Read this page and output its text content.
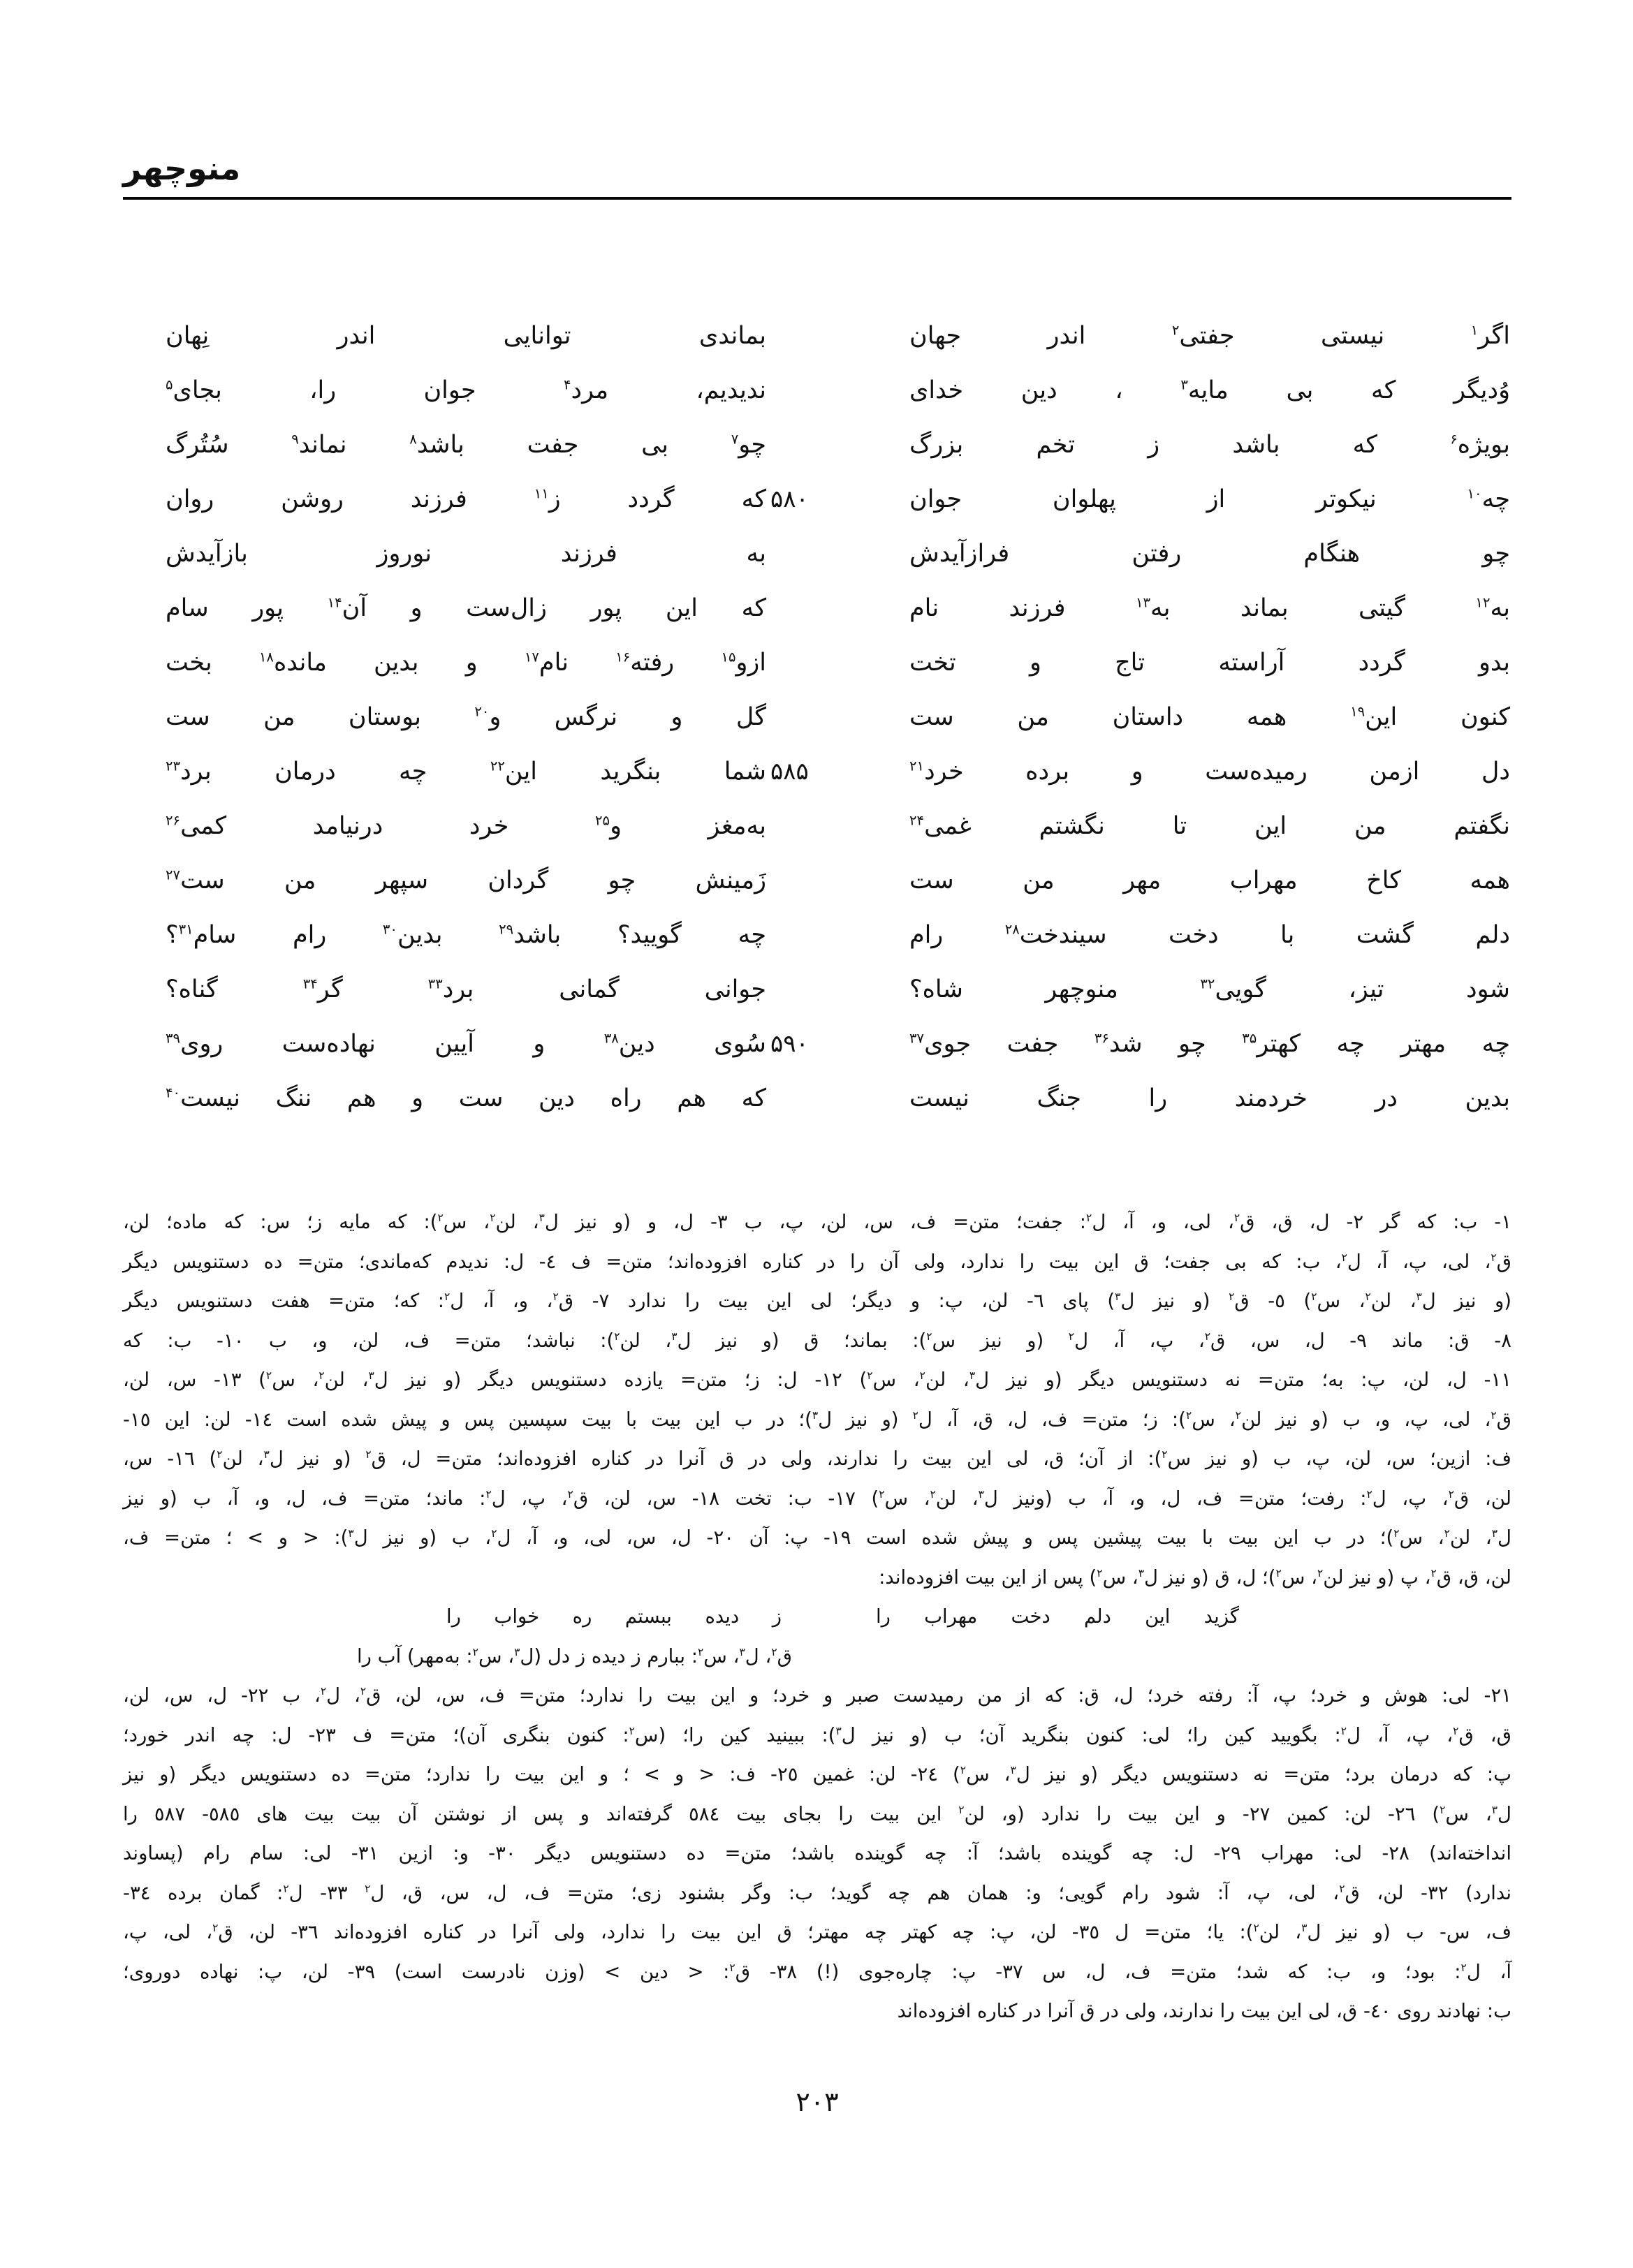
منوچهر
اگر$^۱$ نیستی جفتی$^۲$ اندر جهان
بماندی توانایی اندر نِهان
وُدیگر که بی مایه$^۳$ ، دین خدای
ندیدیم، مرد$^۴$ جوان را، بجای$^۵$
بویژه$^۶$ که باشد ز تخم بزرگ
چو$^۷$ بی جفت باشد$^۸$ نماند$^۹$ سُتُرگ
چه$^{۱۰}$ نیکوتر از پهلوان جوان
۵۸۰
که گردد ز$^{۱۱}$ فرزند روشن روان
چو هنگام رفتن فرازآیدش
به فرزند نوروز بازآیدش
به$^{۱۲}$ گیتی بماند به$^{۱۳}$ فرزند نام
که این پور زال‌ست و آن$^{۱۴}$ پور سام
بدو گردد آراسته تاج و تخت
ازو$^{۱۵}$ رفته$^{۱۶}$ نام$^{۱۷}$ و بدین مانده$^{۱۸}$ بخت
کنون این$^{۱۹}$ همه داستان من ست
گل و نرگس و$^{۲۰}$ بوستان من ست
دل ازمن رمیده‌ست و برده خرد$^{۲۱}$
۵۸۵
شما بنگرید این$^{۲۲}$ چه درمان برد$^{۲۳}$
نگفتم من این تا نگشتم غمی$^{۲۴}$
به‌مغز و$^{۲۵}$ خرد درنیامد کمی$^{۲۶}$
همه کاخ مهراب مهر من ست
زَمینش چو گردان سپهر من ست$^{۲۷}$
دلم گشت با دخت سیندخت$^{۲۸}$ رام
چه گویید؟ باشد$^{۲۹}$ بدین$^{۳۰}$ رام سام$^{۳۱}$؟
شود تیز، گویی$^{۳۲}$ منوچهر شاه؟
جوانی گمانی برد$^{۳۳}$ گر$^{۳۴}$ گناه؟
چه مهتر چه کهتر$^{۳۵}$ چو شد$^{۳۶}$ جفت جوی$^{۳۷}$
۵۹۰
سُوی دین$^{۳۸}$ و آیین نهاده‌ست روی$^{۳۹}$
بدین در خردمند را جنگ نیست
که هم راه دین ست و هم ننگ نیست$^{۴۰}$
١- ب: که گر ٢- ل، ق، ق$^۲$، لی، و، آ، ل$^۲$: جفت؛ متن= ف، س، لن، پ، ب ٣- ل، و (و نیز ل$^۳$، لن$^۲$، س$^۲$): که مایه ز؛ س: که ماده؛ لن،
ق$^۲$، لی، پ، آ، ل$^۲$، ب: که بی جفت؛ ق این بیت را ندارد، ولی آن را در کناره افزوده‌اند؛ متن= ف ٤- ل: ندیدم که‌ماندی؛ متن= ده دستنویس دیگر
(و نیز ل$^۳$، لن$^۲$، س$^۲$) ٥- ق$^۲$ (و نیز ل$^۳$) پای ٦- لن، پ: و دیگر؛ لی این بیت را ندارد ٧- ق$^۲$، و، آ، ل$^۲$: که؛ متن= هفت دستنویس دیگر
٨- ق: ماند ٩- ل، س، ق$^۲$، پ، آ، ل$^۲$ (و نیز س$^۲$): بماند؛ ق (و نیز ل$^۳$، لن$^۲$): نباشد؛ متن= ف، لن، و، ب ١٠- ب: که
١١- ل، لن، پ: به؛ متن= نه دستنویس دیگر (و نیز ل$^۳$، لن$^۲$، س$^۲$) ١٢- ل: ز؛ متن= یازده دستنویس دیگر (و نیز ل$^۳$، لن$^۲$، س$^۲$) ١٣- س، لن،
ق$^۲$، لی، پ، و، ب (و نیز لن$^۲$، س$^۲$): ز؛ متن= ف، ل، ق، آ، ل$^۲$ (و نیز ل$^۳$)؛ در ب این بیت با بیت سپسین پس و پیش شده است ١٤- لن: این ١٥-
ف: ازین؛ س، لن، پ، ب (و نیز س$^۲$): از آن؛ ق، لی این بیت را ندارند، ولی در ق آنرا در کناره افزوده‌اند؛ متن= ل، ق$^۲$ (و نیز ل$^۳$، لن$^۲$) ١٦- س،
لن، ق$^۲$، پ، ل$^۲$: رفت؛ متن= ف، ل، و، آ، ب (ونیز ل$^۳$، لن$^۲$، س$^۲$) ١٧- ب: تخت ١٨- س، لن، ق$^۲$، پ، ل$^۲$: ماند؛ متن= ف، ل، و، آ، ب (و نیز
ل$^۳$، لن$^۲$، س$^۲$)؛ در ب این بیت با بیت پیشین پس و پیش شده است ١٩- پ: آن ٢٠- ل، س، لی، و، آ، ل$^۲$، ب (و نیز ل$^۳$): < و > ؛ متن= ف،
لن، ق، ق$^۲$، پ (و نیز لن$^۲$، س$^۲$)؛ ل، ق (و نیز ل$^۳$، س$^۲$) پس از این بیت افزوده‌اند:
گزید این دلم دخت مهراب را
ز دیده ببستم ره خواب را
ق$^۲$، ل$^۳$، س$^۲$: ببارم ز دیده ز دل (ل$^۳$، س$^۲$: به‌مهر) آب را
٢١- لی: هوش و خرد؛ پ، آ: رفته خرد؛ ل، ق: که از من رمیدست صبر و خرد؛ و این بیت را ندارد؛ متن= ف، س، لن، ق$^۲$، ل$^۲$، ب ٢٢- ل، س، لن،
ق، ق$^۲$، پ، آ، ل$^۲$: بگویید کین را؛ لی: کنون بنگرید آن؛ ب (و نیز ل$^۳$): ببینید کین را؛ (س$^۲$: کنون بنگری آن)؛ متن= ف ٢٣- ل: چه اندر خورد؛
پ: که درمان برد؛ متن= نه دستنویس دیگر (و نیز ل$^۳$، س$^۲$) ٢٤- لن: غمین ٢٥- ف: < و > ؛ و این بیت را ندارد؛ متن= ده دستنویس دیگر (و نیز
ل$^۳$، س$^۲$) ٢٦- لن: کمین ٢٧- و این بیت را ندارد (و، لن$^۲$ این بیت را بجای بیت ٥٨٤ گرفته‌اند و پس از نوشتن آن بیت بیت های ٥٨٥- ٥٨٧ را
انداخته‌اند) ٢٨- لی: مهراب ٢٩- ل: چه گوینده باشد؛ آ: چه گوینده باشد؛ متن= ده دستنویس دیگر ٣٠- و: ازین ٣١- لی: سام رام (پساوند
ندارد) ٣٢- لن، ق$^۲$، لی، پ، آ: شود رام گویی؛ و: همان هم چه گوید؛ ب: وگر بشنود زی؛ متن= ف، ل، س، ق، ل$^۲$ ٣٣- ل$^۲$: گمان برده ٣٤-
ف، س- ب (و نیز ل$^۳$، لن$^۲$): یا؛ متن= ل ٣٥- لن، پ: چه کهتر چه مهتر؛ ق این بیت را ندارد، ولی آنرا در کناره افزوده‌اند ٣٦- لن، ق$^۲$، لی، پ،
آ، ل$^۲$: بود؛ و، ب: که شد؛ متن= ف، ل، س ٣٧- پ: چاره‌جوی (!) ٣٨- ق$^۲$: < دین > (وزن نادرست است) ٣٩- لن، پ: نهاده دوروی؛
ب: نهادند روی ٤٠- ق، لی این بیت را ندارند، ولی در ق آنرا در کناره افزوده‌اند
۲۰۳
